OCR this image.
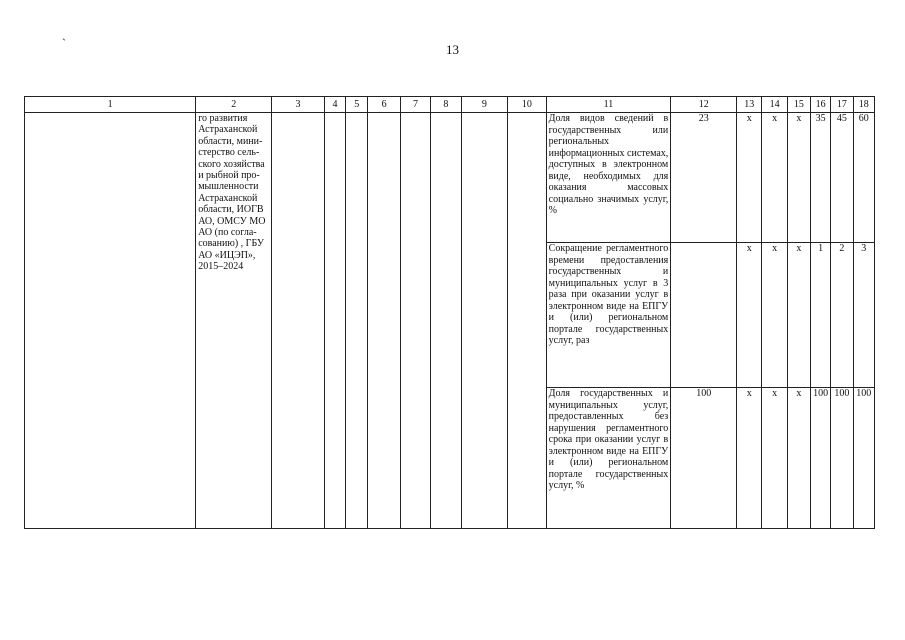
`	13
1	2	3	4	5	6	7	8	9	10	11	12	13	14	15	16	17	18
	го развития Астраханской области, мини-стерство сель-ского хозяйства и рыбной про-мышленности Астраханской области, ИОГВ АО, ОМСУ МО АО (по согла-сованию) , ГБУ АО «ИЦЭП», 2015–2024									Доля видов сведений в государственных или региональных информационных системах, доступных в электронном виде, необходимых для оказания массовых социально значимых услуг, %	23	х	х	х	35	45	60
										Сокращение регламентного времени предоставления государственных и муниципальных услуг в 3 раза при оказании услуг в электронном виде на ЕПГУ и (или) региональном портале государственных услуг, раз		х	х	х	1	2	3
										Доля государственных и муниципальных услуг, предоставленных без нарушения регламентного срока при оказании услуг в электронном виде на ЕПГУ и (или) региональном портале государственных услуг, %	100	х	х	х	100	100	100
